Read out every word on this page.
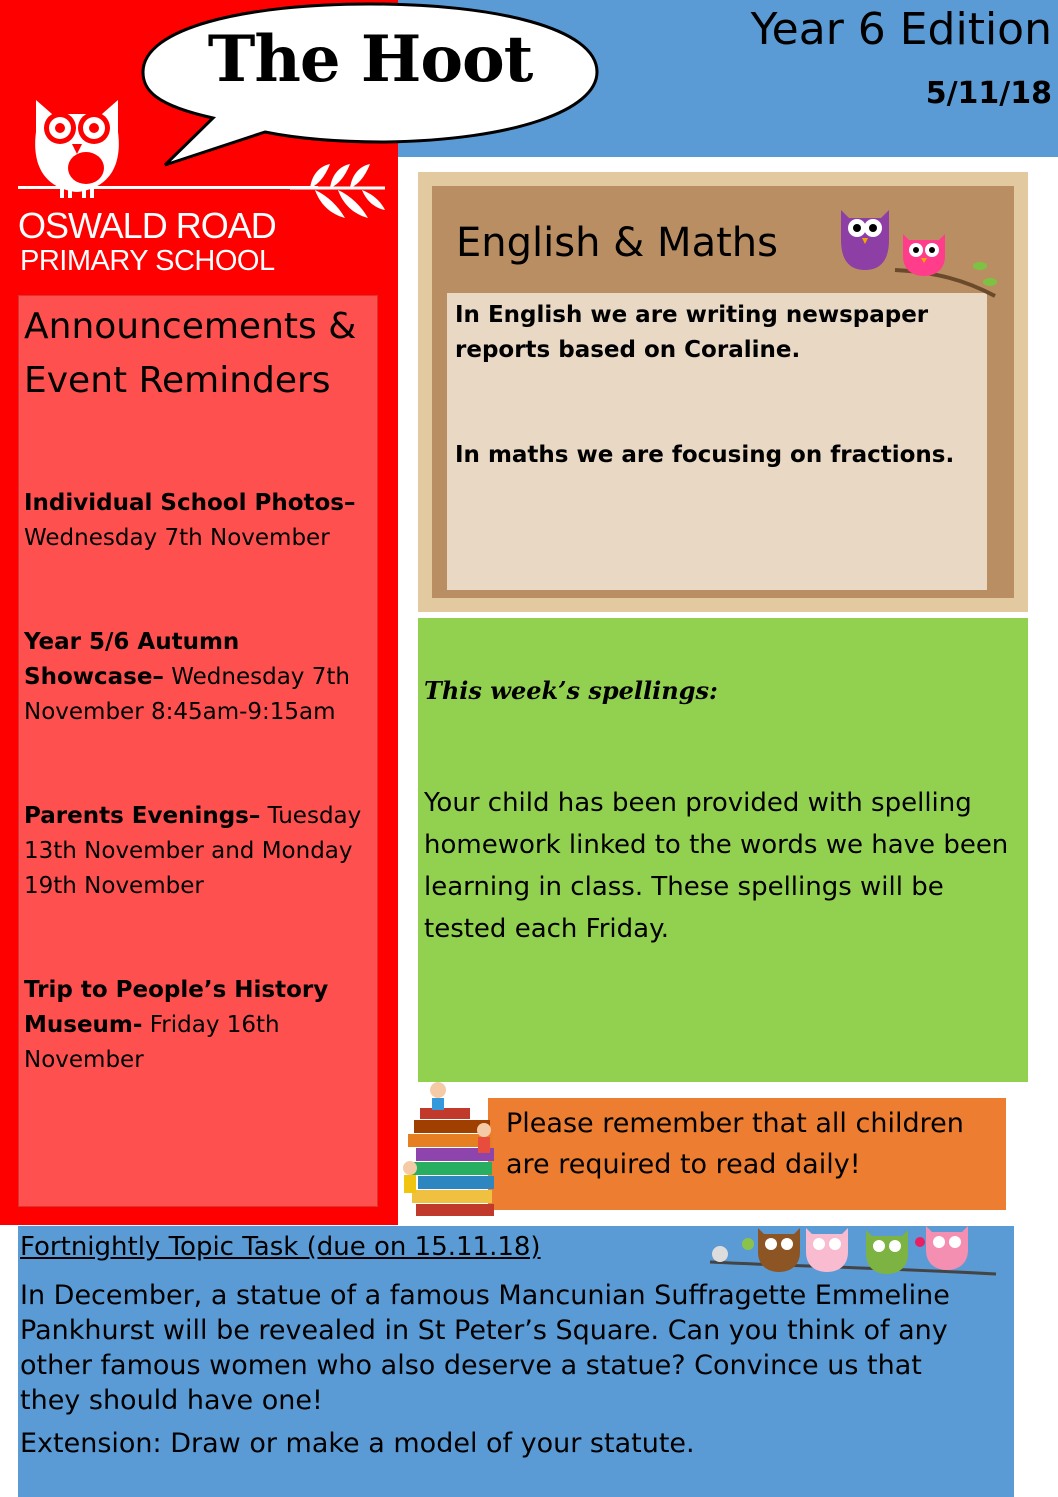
The Hoot	Year 6 Edition
5/11/18
OSWALD ROAD
PRIMARY SCHOOL
Announcements & Event Reminders
Individual School Photos– Wednesday 7th November
Year 5/6 Autumn Showcase– Wednesday 7th November 8:45am-9:15am
Parents Evenings– Tuesday 13th November and Monday 19th November
Trip to People’s History Museum- Friday 16th November
English & Maths
In English we are writing newspaper reports based on Coraline.
In maths we are focusing on fractions.
This week’s spellings:
Your child has been provided with spelling homework linked to the words we have been learning in class. These spellings will be tested each Friday.
Please remember that all children are required to read daily!
Fortnightly Topic Task (due on 15.11.18)
In December, a statue of a famous Mancunian Suffragette Emmeline Pankhurst will be revealed in St Peter’s Square. Can you think of any other famous women who also deserve a statue? Convince us that they should have one!
Extension: Draw or make a model of your statute.
